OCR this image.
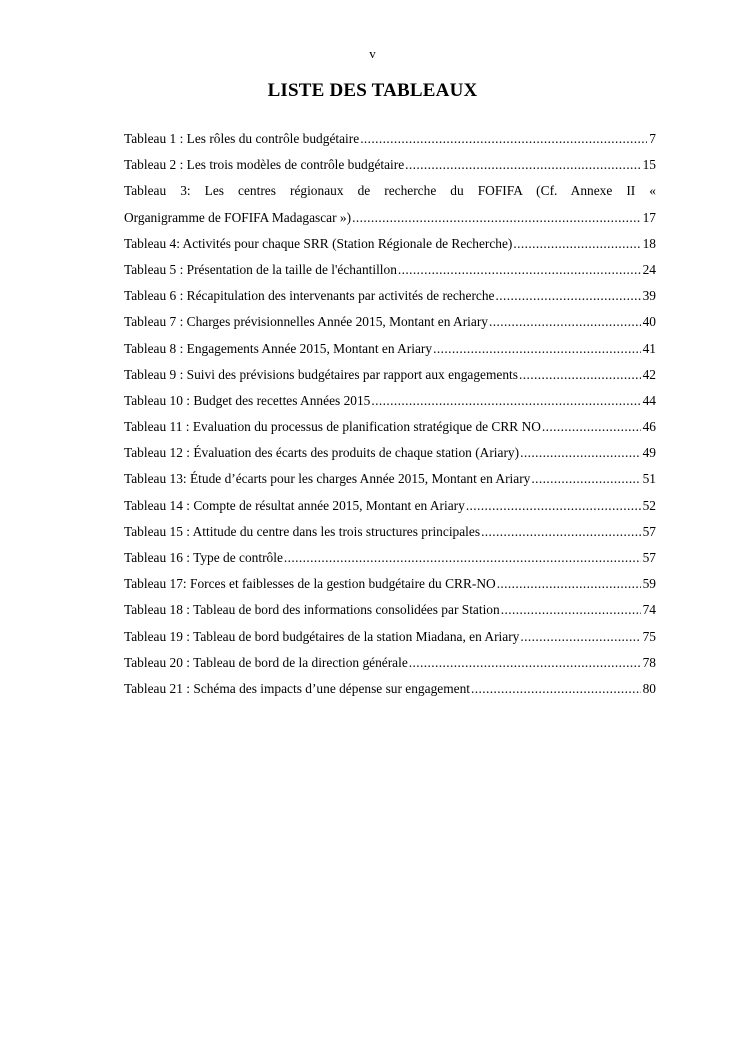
v
LISTE DES TABLEAUX
Tableau 1 : Les rôles du contrôle budgétaire .....	7
Tableau 2 : Les trois modèles de contrôle budgétaire .....	15
Tableau 3: Les centres régionaux de recherche du FOFIFA (Cf. Annexe II «
Organigramme de FOFIFA Madagascar ») .....	17
Tableau 4: Activités pour chaque SRR (Station Régionale de Recherche) .....	18
Tableau 5 : Présentation de la taille de l'échantillon .....	24
Tableau 6 : Récapitulation des intervenants par activités de recherche .....	39
Tableau 7 : Charges prévisionnelles Année 2015, Montant en Ariary .....	40
Tableau 8 : Engagements Année 2015, Montant en Ariary .....	41
Tableau 9 : Suivi des prévisions budgétaires par rapport aux engagements .....	42
Tableau 10 : Budget des recettes Années 2015 .....	44
Tableau 11 : Evaluation du processus de planification stratégique de CRR NO .....	46
Tableau 12 : Évaluation des écarts des produits de chaque station (Ariary) .....	49
Tableau 13: Étude d’écarts pour les charges Année 2015, Montant en Ariary .....	51
Tableau 14 : Compte de résultat année 2015, Montant en Ariary .....	52
Tableau 15 : Attitude du centre dans les trois structures principales .....	57
Tableau 16 : Type de contrôle .....	57
Tableau 17: Forces et faiblesses de la gestion budgétaire du CRR-NO .....	59
Tableau 18 : Tableau de bord des informations consolidées par Station .....	74
Tableau 19 : Tableau de bord budgétaires de la station Miadana, en Ariary .....	75
Tableau 20 : Tableau de bord de la direction générale .....	78
Tableau 21 : Schéma des impacts d’une dépense sur engagement .....	80
